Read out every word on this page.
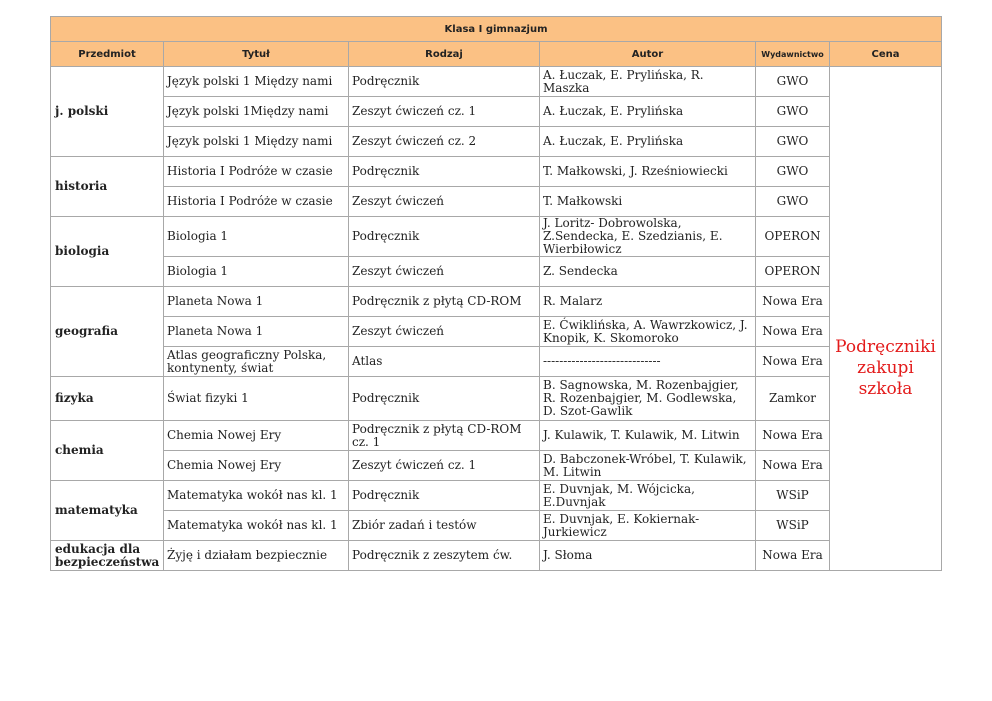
Klasa I gimnazjum					
Przedmiot	Tytuł	Rodzaj	Autor	Wydawnictwo	Cena
j. polski	Język polski 1 Między nami	Podręcznik	A. Łuczak, E. Prylińska, R. Maszka	GWO	Podręczniki zakupi szkoła
	Język polski 1Między nami	Zeszyt ćwiczeń cz. 1	A. Łuczak, E. Prylińska	GWO	
	Język polski 1 Między nami	Zeszyt ćwiczeń cz. 2	A. Łuczak, E. Prylińska	GWO	
historia	Historia I Podróże w czasie	Podręcznik	T. Małkowski, J. Rześniowiecki	GWO	
	Historia I Podróże w czasie	Zeszyt ćwiczeń	T. Małkowski	GWO	
biologia	Biologia 1	Podręcznik	J. Loritz- Dobrowolska, Z.Sendecka, E. Szedzianis, E. Wierbiłowicz	OPERON	
	Biologia 1	Zeszyt ćwiczeń	Z. Sendecka	OPERON	
geografia	Planeta Nowa 1	Podręcznik z płytą CD-ROM	R. Malarz	Nowa Era	
	Planeta Nowa 1	Zeszyt ćwiczeń	E. Ćwiklińska, A. Wawrzkowicz, J. Knopik, K. Skomoroko	Nowa Era	
	Atlas geograficzny Polska, kontynenty, świat	Atlas	-----------------------------	Nowa Era	
fizyka	Świat fizyki 1	Podręcznik	B. Sagnowska, M. Rozenbajgier, R. Rozenbajgier, M. Godlewska, D. Szot-Gawlik	Zamkor	
chemia	Chemia Nowej Ery	Podręcznik z płytą CD-ROM cz. 1	J. Kulawik, T. Kulawik, M. Litwin	Nowa Era	
	Chemia Nowej Ery	Zeszyt ćwiczeń cz. 1	D. Babczonek-Wróbel, T. Kulawik, M. Litwin	Nowa Era	
matematyka	Matematyka wokół nas kl. 1	Podręcznik	E. Duvnjak, M. Wójcicka, E.Duvnjak	WSiP	
	Matematyka wokół nas kl. 1	Zbiór zadań i testów	E. Duvnjak, E. Kokiernak-Jurkiewicz	WSiP	
edukacja dla bezpieczeństwa	Żyję i działam bezpiecznie	Podręcznik z zeszytem ćw.	J. Słoma	Nowa Era	
